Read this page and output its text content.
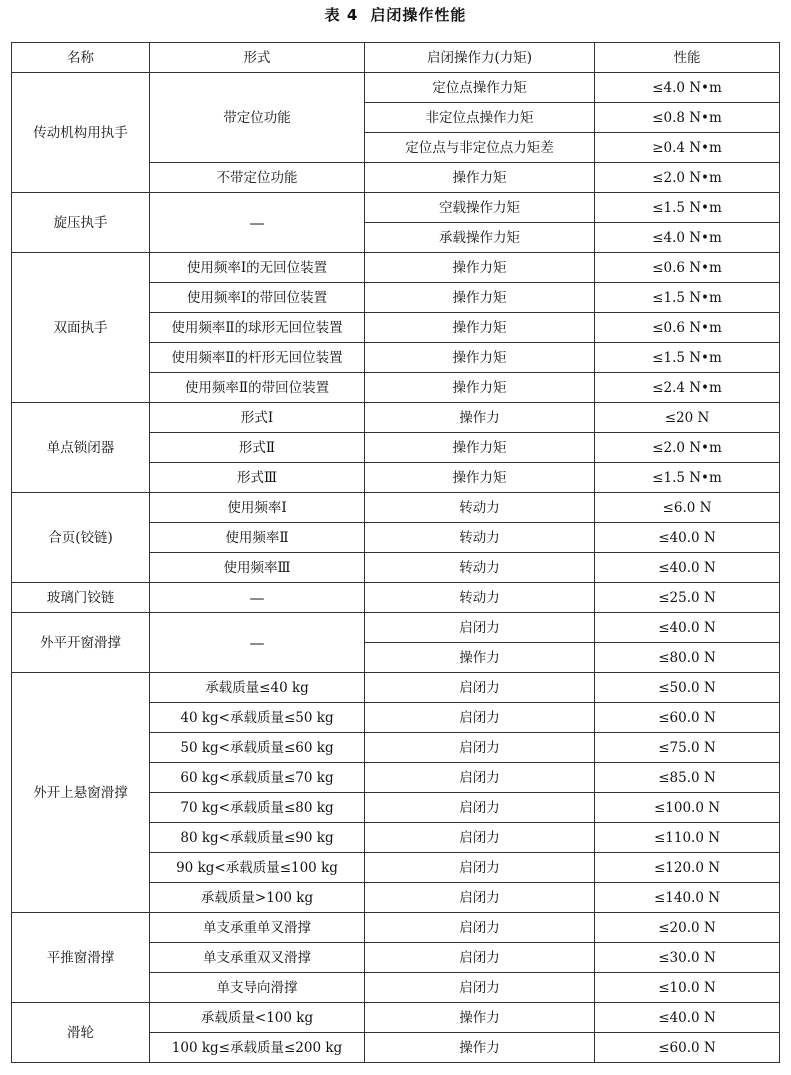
表 4 启闭操作性能
名称	形式	启闭操作力(力矩)	性能
传动机构用执手	带定位功能	定位点操作力矩	≤4.0 N•m
		非定位点操作力矩	≤0.8 N•m
		定位点与非定位点力矩差	≥0.4 N•m
	不带定位功能	操作力矩	≤2.0 N•m
旋压执手	—	空载操作力矩	≤1.5 N•m
		承载操作力矩	≤4.0 N•m
双面执手	使用频率Ⅰ的无回位装置	操作力矩	≤0.6 N•m
	使用频率Ⅰ的带回位装置	操作力矩	≤1.5 N•m
	使用频率Ⅱ的球形无回位装置	操作力矩	≤0.6 N•m
	使用频率Ⅱ的杆形无回位装置	操作力矩	≤1.5 N•m
	使用频率Ⅱ的带回位装置	操作力矩	≤2.4 N•m
单点锁闭器	形式Ⅰ	操作力	≤20 N
	形式Ⅱ	操作力矩	≤2.0 N•m
	形式Ⅲ	操作力矩	≤1.5 N•m
合页(铰链)	使用频率Ⅰ	转动力	≤6.0 N
	使用频率Ⅱ	转动力	≤40.0 N
	使用频率Ⅲ	转动力	≤40.0 N
玻璃门铰链	—	转动力	≤25.0 N
外平开窗滑撑	—	启闭力	≤40.0 N
		操作力	≤80.0 N
外开上悬窗滑撑	承载质量≤40 kg	启闭力	≤50.0 N
	40 kg<承载质量≤50 kg	启闭力	≤60.0 N
	50 kg<承载质量≤60 kg	启闭力	≤75.0 N
	60 kg<承载质量≤70 kg	启闭力	≤85.0 N
	70 kg<承载质量≤80 kg	启闭力	≤100.0 N
	80 kg<承载质量≤90 kg	启闭力	≤110.0 N
	90 kg<承载质量≤100 kg	启闭力	≤120.0 N
	承载质量>100 kg	启闭力	≤140.0 N
平推窗滑撑	单支承重单叉滑撑	启闭力	≤20.0 N
	单支承重双叉滑撑	启闭力	≤30.0 N
	单支导向滑撑	启闭力	≤10.0 N
滑轮	承载质量<100 kg	操作力	≤40.0 N
	100 kg≤承载质量≤200 kg	操作力	≤60.0 N
